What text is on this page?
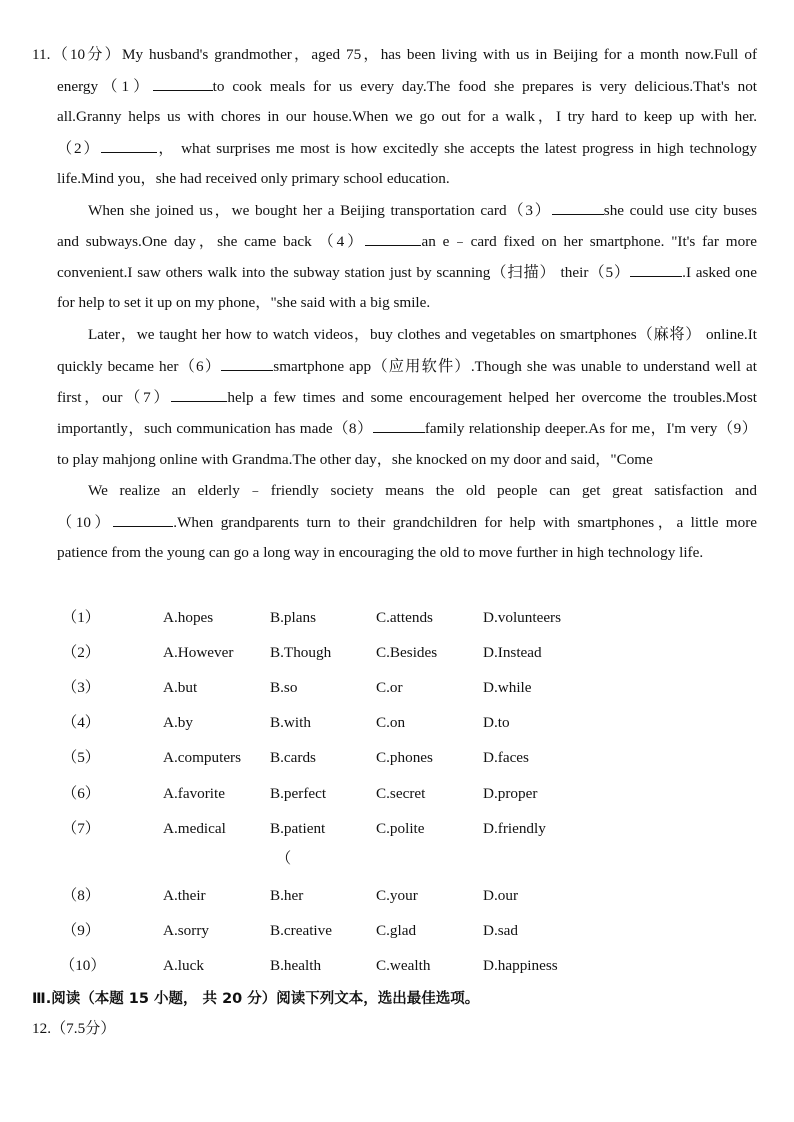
11.（10分）My husband's grandmother，aged 75，has been living with us in Beijing for a month now.Full of
energy（1）	to cook meals for us every day.The food she prepares is very delicious.That's not
all.Granny helps us with chores in our house.When we go out for a walk，I try hard to keep up with her.
（2）	， what surprises me most is how excitedly she accepts the latest progress in high technology
life.Mind you，she had received only primary school education.
When she joined us，we bought her a Beijing transportation card（3）	she could use city buses
and subways.One day，she came back （4）	an e﹣card fixed on her smartphone. "It's far more
convenient.I saw others walk into the subway station just by scanning（扫描） their（5）	.I asked one
for help to set it up on my phone，"she said with a big smile.
Later，we taught her how to watch videos，buy clothes and vegetables on smartphones（麻将） online.It
quickly became her（6）	smartphone app（应用软件）.Though she was unable to understand well at
first，our（7）	help a few times and some encouragement helped her overcome the troubles.Most
importantly，such communication has made（8）	family relationship deeper.As for me，I'm very（9）
to play mahjong online with Grandma.The other day，she knocked on my door and said，"Come
We realize an elderly﹣friendly society means the old people can get great satisfaction and
（10）	.When grandparents turn to their grandchildren for help with smartphones，a little more
patience from the young can go a long way in encouraging the old to move further in high technology life.
（1）	A.hopes	B.plans	C.attends	D.volunteers
（2）	A.However B.Though	C.Besides	D.Instead
（3）	A.but	B.so	C.or	D.while
（4）	A.by	B.with	C.on	D.to
（5）	A.computers B.cards	C.phones	D.faces
（6）	A.favorite	B.perfect	C.secret	D.proper
（7）	A.medical	B.patient	C.polite	D.friendly
（
（8）	A.their	B.her	C.your	D.our
（9）	A.sorry	B.creative	C.glad	D.sad
（10）	A.luck	B.health	C.wealth	D.happiness
Ⅲ.阅读（本题 15 小题， 共 20 分）阅读下列文本，选出最佳选项。
12.（7.5分）
